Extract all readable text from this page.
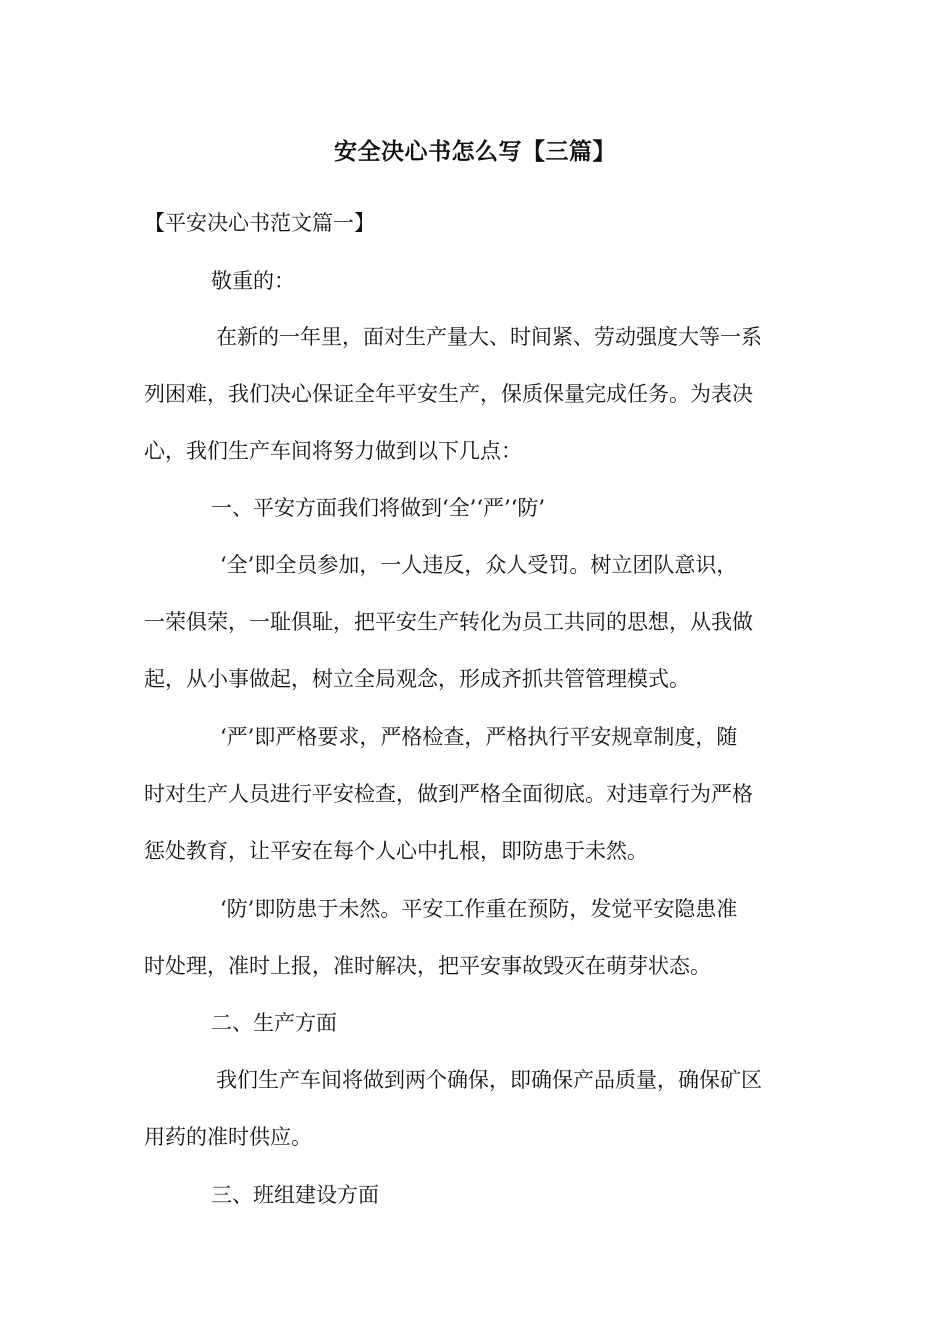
安全决心书怎么写【三篇】
【平安决心书范文篇一】
敬重的：
在新的一年里，面对生产量大、时间紧、劳动强度大等一系
列困难，我们决心保证全年平安生产，保质保量完成任务。为表决
心，我们生产车间将努力做到以下几点：
一、平安方面我们将做到‘全’‘严’‘防’
‘全’即全员参加，一人违反，众人受罚。树立团队意识，
一荣俱荣，一耻俱耻，把平安生产转化为员工共同的思想，从我做
起，从小事做起，树立全局观念，形成齐抓共管管理模式。
‘严’即严格要求，严格检查，严格执行平安规章制度，随
时对生产人员进行平安检查，做到严格全面彻底。对违章行为严格
惩处教育，让平安在每个人心中扎根，即防患于未然。
‘防’即防患于未然。平安工作重在预防，发觉平安隐患准
时处理，准时上报，准时解决，把平安事故毁灭在萌芽状态。
二、生产方面
我们生产车间将做到两个确保，即确保产品质量，确保矿区
用药的准时供应。
三、班组建设方面
